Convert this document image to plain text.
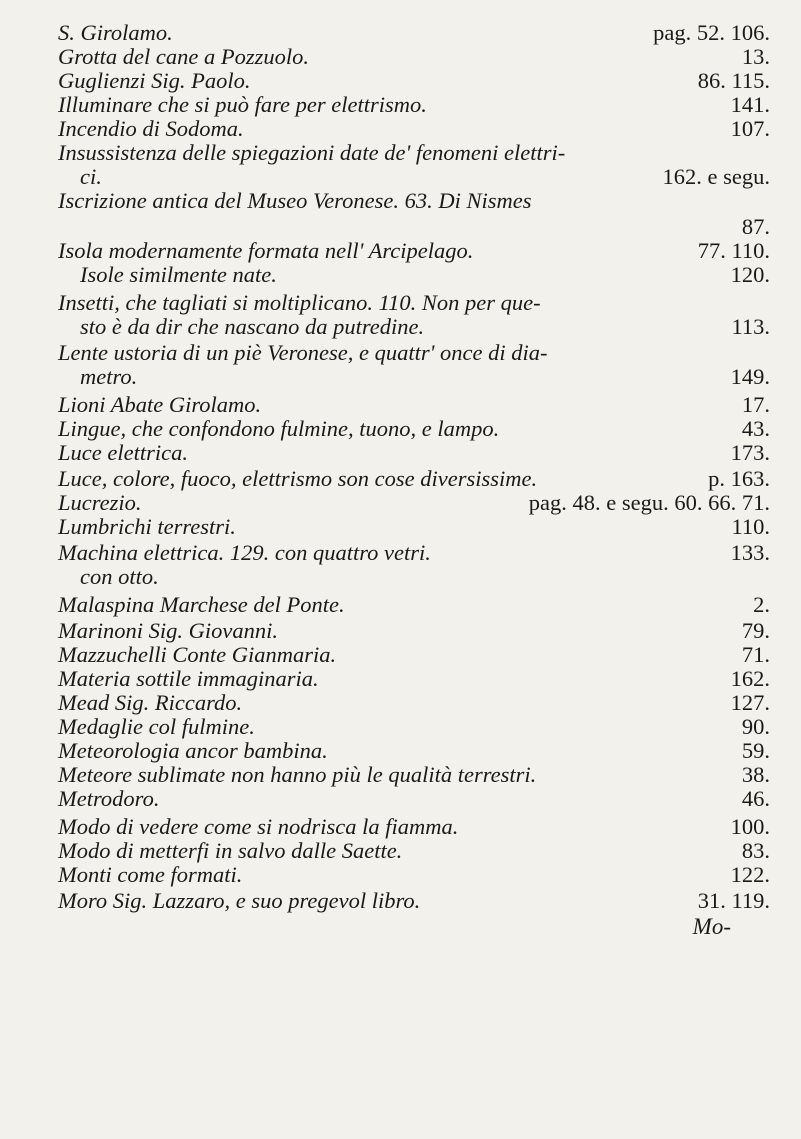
S. Girolamo.	pag. 52. 106.
Grotta del cane a Pozzuolo.	13.
Guglienzi Sig. Paolo.	86. 115.
Illuminare che si può fare per elettrismo.	141.
Incendio di Sodoma.	107.
Insussistenza delle spiegazioni date de' fenomeni elettri-
ci.	162. e segu.
Iscrizione antica del Museo Veronese. 63. Di Nismes
87.
Isola modernamente formata nell' Arcipelago.	77. 110.
Isole similmente nate.	120.
Insetti, che tagliati si moltiplicano. 110. Non per que-
sto è da dir che nascano da putredine.	113.
Lente ustoria di un piè Veronese, e quattr' once di dia-
metro.	149.
Lioni Abate Girolamo.	17.
Lingue, che confondono fulmine, tuono, e lampo.	43.
Luce elettrica.	173.
Luce, colore, fuoco, elettrismo son cose diversissime.	p. 163.
Lucrezio.	pag. 48. e segu. 60. 66. 71.
Lumbrichi terrestri.	110.
Machina elettrica. 129. con quattro vetri.	133.
con otto.
Malaspina Marchese del Ponte.	2.
Marinoni Sig. Giovanni.	79.
Mazzuchelli Conte Gianmaria.	71.
Materia sottile immaginaria.	162.
Mead Sig. Riccardo.	127.
Medaglie col fulmine.	90.
Meteorologia ancor bambina.	59.
Meteore sublimate non hanno più le qualità terrestri.	38.
Metrodoro.	46.
Modo di vedere come si nodrisca la fiamma.	100.
Modo di metterfi in salvo dalle Saette.	83.
Monti come formati.	122.
Moro Sig. Lazzaro, e suo pregevol libro.	31. 119.
Mo-
